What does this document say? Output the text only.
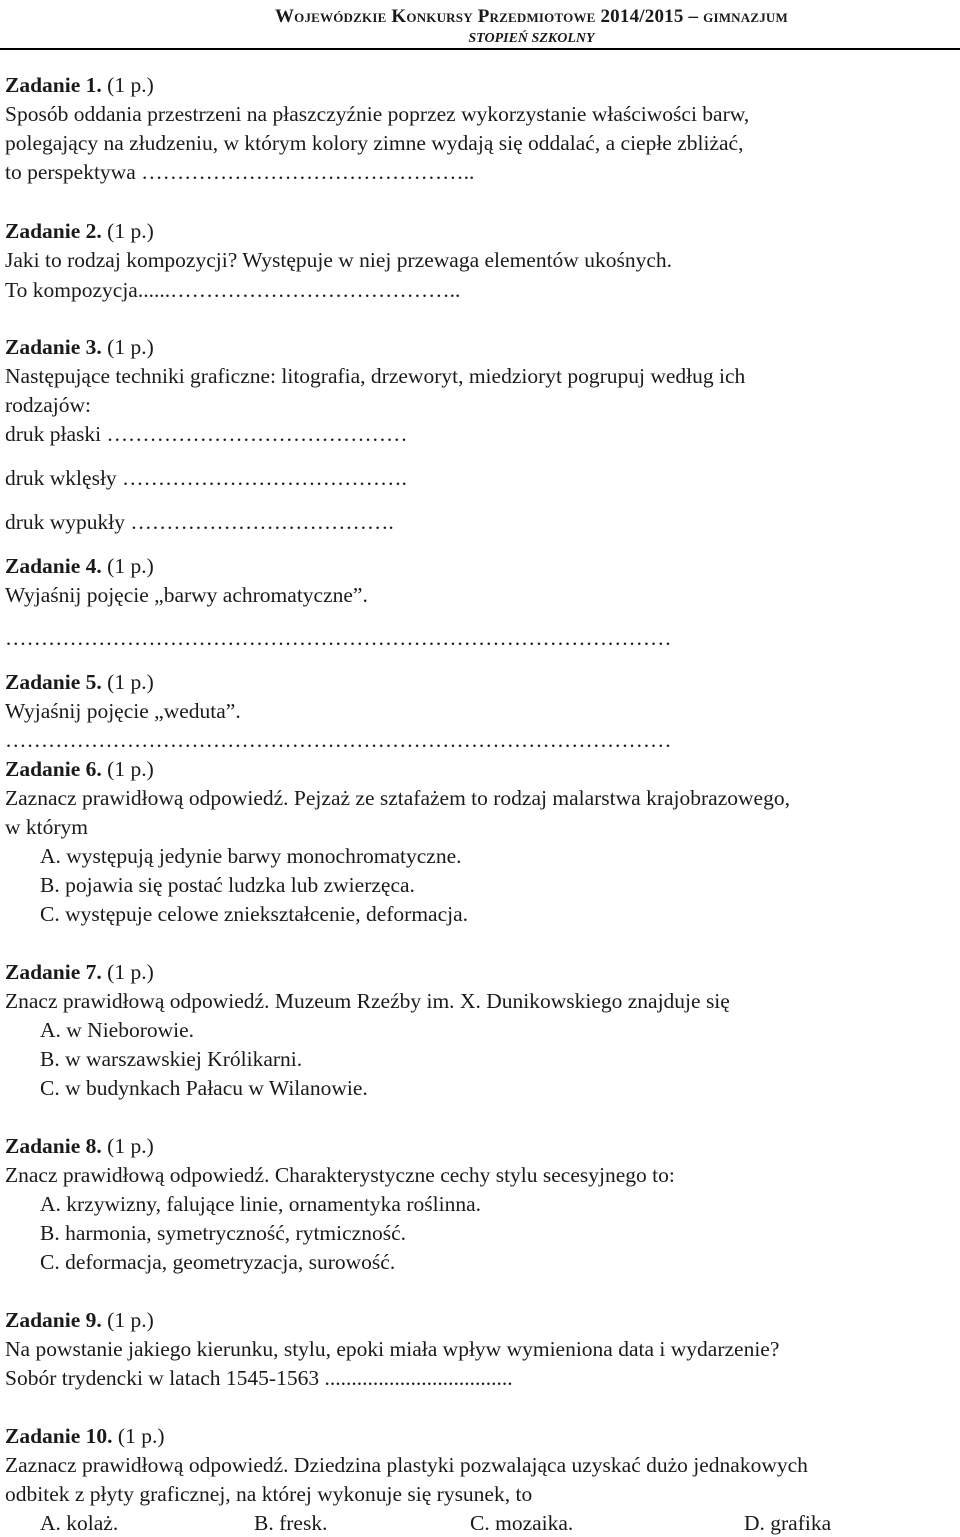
Wojewódzkie Konkursy Przedmiotowe 2014/2015 – gimnazjum
STOPIEŃ SZKOLNY
Zadanie 1. (1 p.)
Sposób oddania przestrzeni na płaszczyźnie poprzez wykorzystanie właściwości barw,
polegający na złudzeniu, w którym kolory zimne wydają się oddalać, a ciepłe zbliżać,
to perspektywa ………………………………………..
Zadanie 2. (1 p.)
Jaki to rodzaj kompozycji? Występuje w niej przewaga elementów ukośnych.
To kompozycja......…………………………………..
Zadanie 3. (1 p.)
Następujące techniki graficzne: litografia, drzeworyt, miedzioryt pogrupuj według ich
rodzajów:
druk płaski ……………………………………
druk wklęsły ………………………………….
druk wypukły ……………………………….
Zadanie 4. (1 p.)
Wyjaśnij pojęcie „barwy achromatyczne”.
…………………………………………………………………………………
Zadanie 5. (1 p.)
Wyjaśnij pojęcie „weduta”.
…………………………………………………………………………………
Zadanie 6. (1 p.)
Zaznacz prawidłową odpowiedź. Pejzaż ze sztafażem to rodzaj malarstwa krajobrazowego,
w którym
A. występują jedynie barwy monochromatyczne.
B. pojawia się postać ludzka lub zwierzęca.
C. występuje celowe zniekształcenie, deformacja.
Zadanie 7. (1 p.)
Znacz prawidłową odpowiedź. Muzeum Rzeźby im. X. Dunikowskiego znajduje się
A. w Nieborowie.
B. w warszawskiej Królikarni.
C. w budynkach Pałacu w Wilanowie.
Zadanie 8. (1 p.)
Znacz prawidłową odpowiedź. Charakterystyczne cechy stylu secesyjnego to:
A. krzywizny, falujące linie, ornamentyka roślinna.
B. harmonia, symetryczność, rytmiczność.
C. deformacja, geometryzacja, surowość.
Zadanie 9. (1 p.)
Na powstanie jakiego kierunku, stylu, epoki miała wpływ wymieniona data i wydarzenie?
Sobór trydencki w latach 1545-1563 ...................................
Zadanie 10. (1 p.)
Zaznacz prawidłową odpowiedź. Dziedzina plastyki pozwalająca uzyskać dużo jednakowych
odbitek z płyty graficznej, na której wykonuje się rysunek, to
A. kolaż.	B. fresk.	C. mozaika.	D. grafika
